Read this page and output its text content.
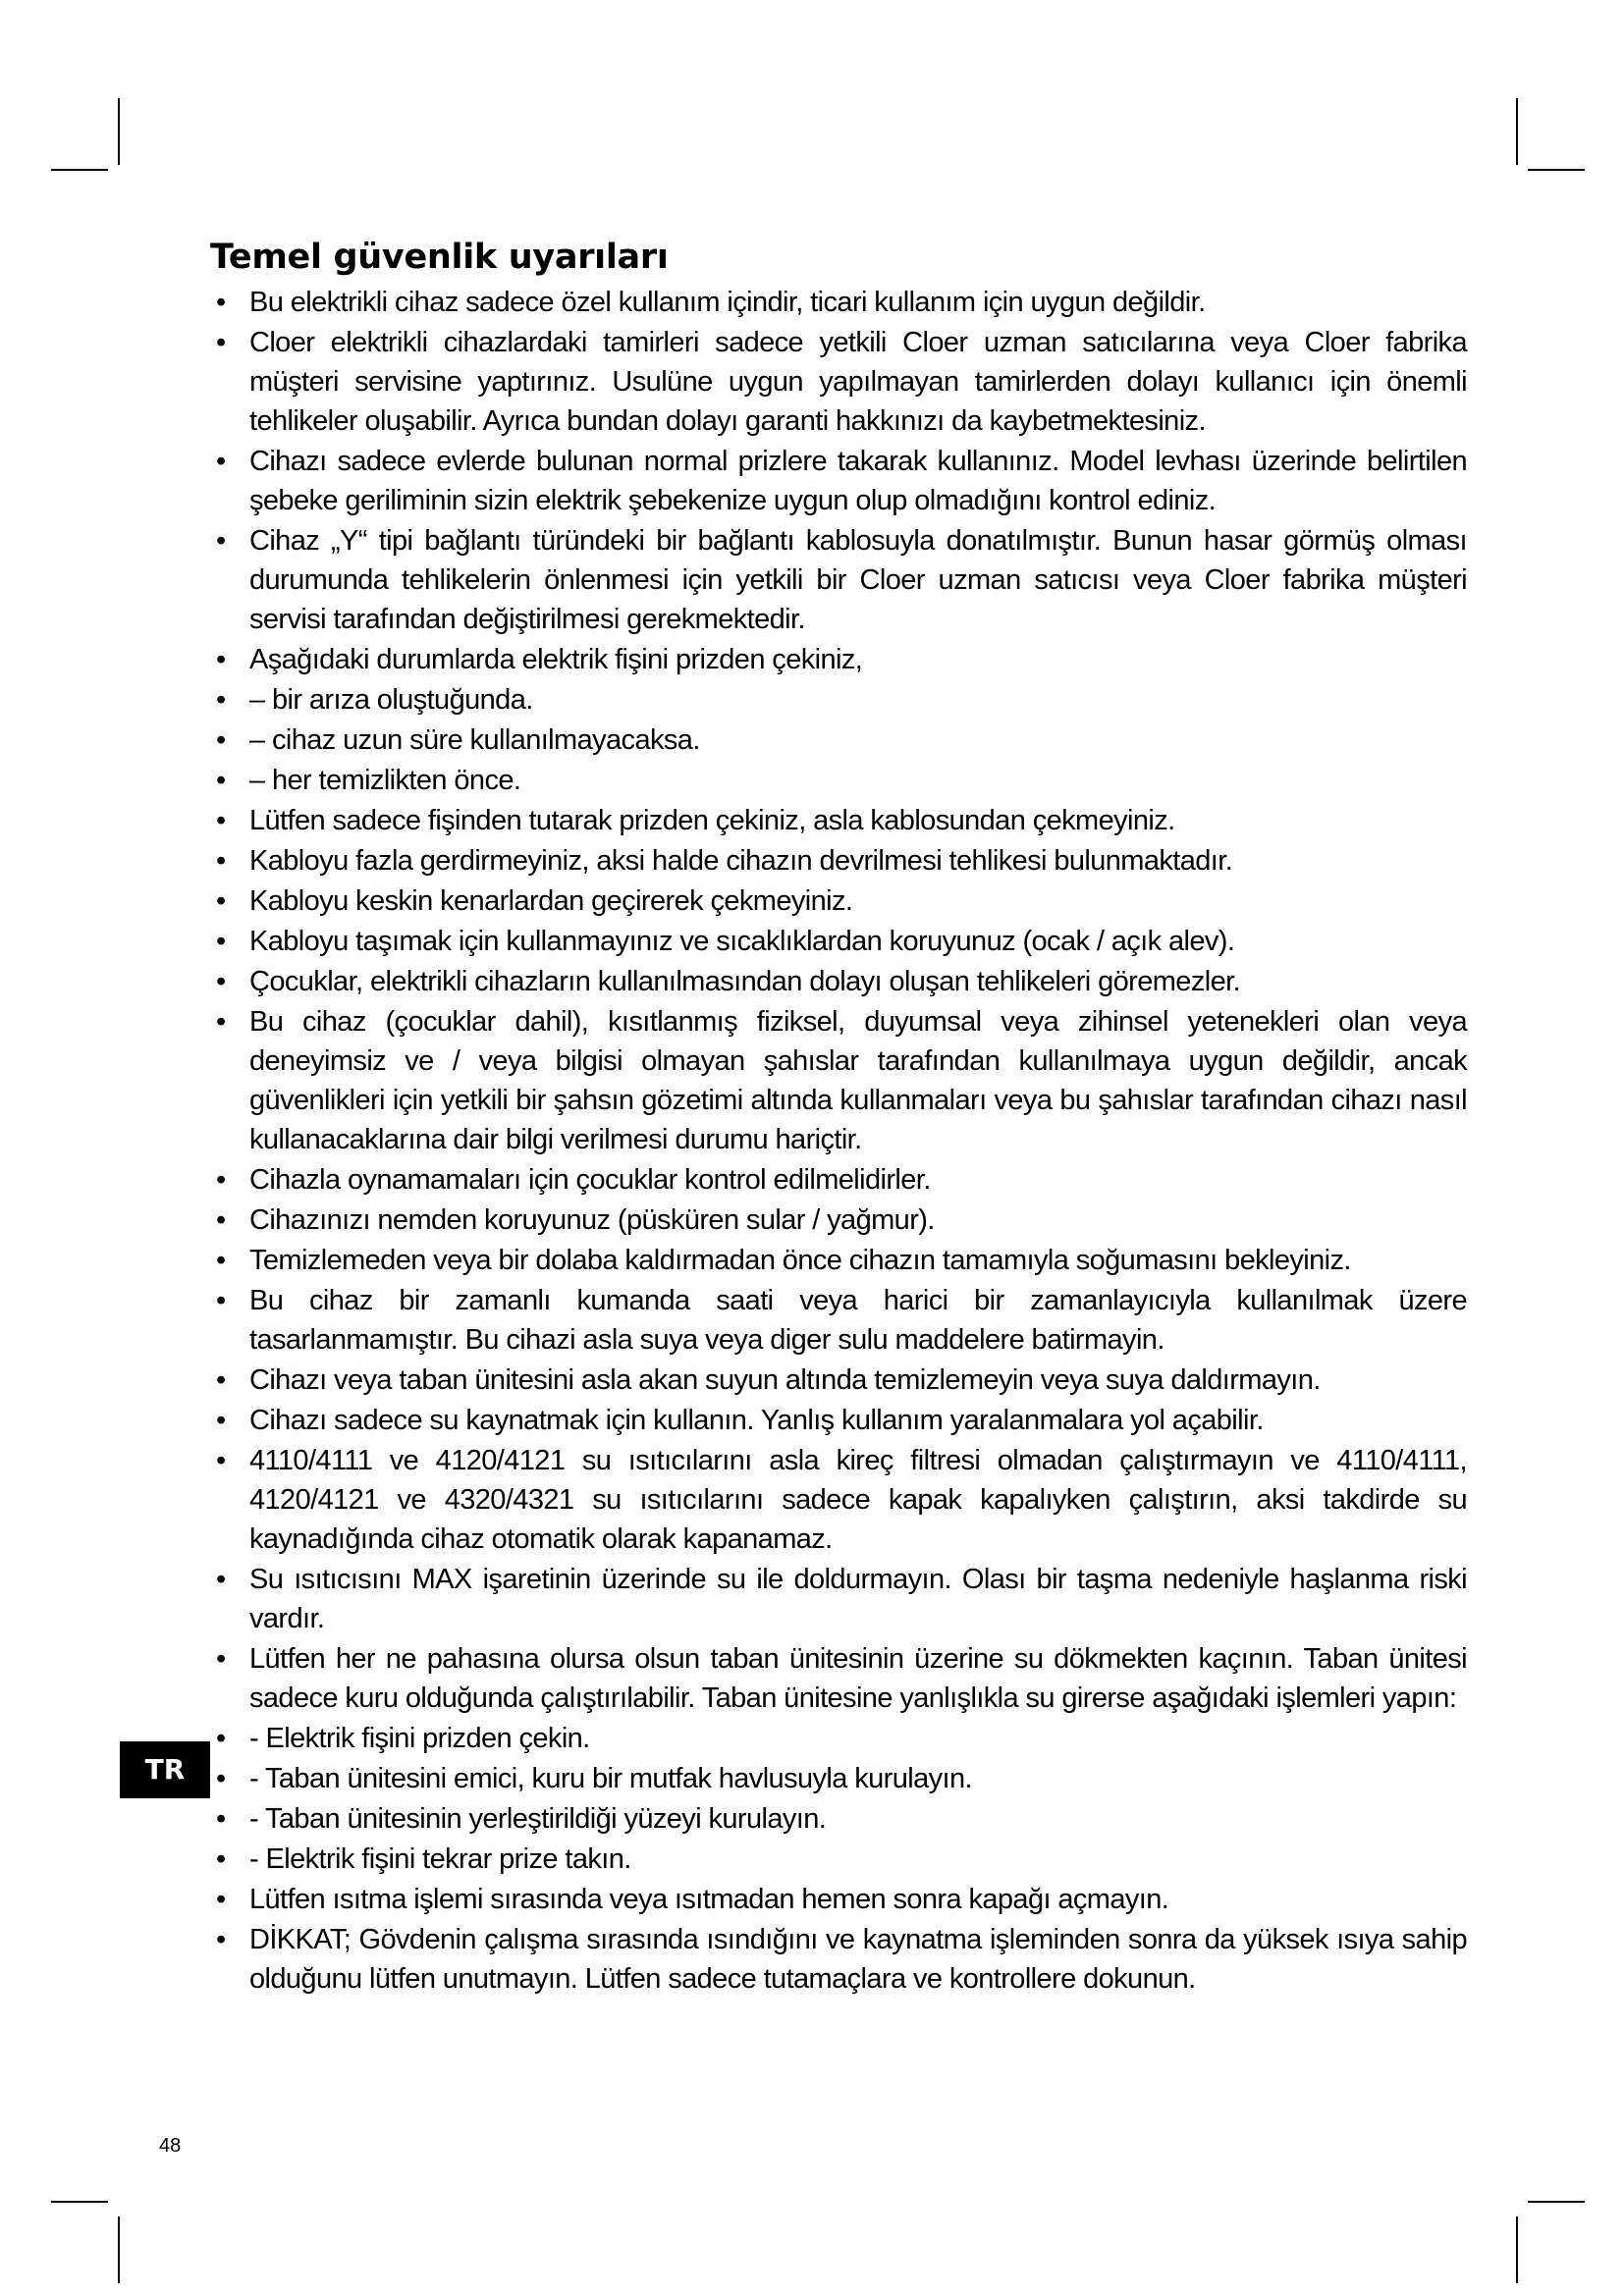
Temel güvenlik uyarıları
• Bu elektrikli cihaz sadece özel kullanım içindir, ticari kullanım için uygun değildir.
• Cloer elektrikli cihazlardaki tamirleri sadece yetkili Cloer uzman satıcılarına veya Cloer fabrika müşteri servisine yaptırınız. Usulüne uygun yapılmayan tamirlerden dolayı kullanıcı için önemli tehlikeler oluşabilir. Ayrıca bundan dolayı garanti hakkınızı da kaybetmektesiniz.
• Cihazı sadece evlerde bulunan normal prizlere takarak kullanınız. Model levhası üzerinde belirtilen şebeke geriliminin sizin elektrik şebekenize uygun olup olmadığını kontrol ediniz.
• Cihaz „Y“ tipi bağlantı türündeki bir bağlantı kablosuyla donatılmıştır. Bunun hasar görmüş olması durumunda tehlikelerin önlenmesi için yetkili bir Cloer uzman satıcısı veya Cloer fabrika müşteri servisi tarafından değiştirilmesi gerekmektedir.
• Aşağıdaki durumlarda elektrik fişini prizden çekiniz,
• – bir arıza oluştuğunda.
• – cihaz uzun süre kullanılmayacaksa.
• – her temizlikten önce.
• Lütfen sadece fişinden tutarak prizden çekiniz, asla kablosundan çekmeyiniz.
• Kabloyu fazla gerdirmeyiniz, aksi halde cihazın devrilmesi tehlikesi bulunmaktadır.
• Kabloyu keskin kenarlardan geçirerek çekmeyiniz.
• Kabloyu taşımak için kullanmayınız ve sıcaklıklardan koruyunuz (ocak / açık alev).
• Çocuklar, elektrikli cihazların kullanılmasından dolayı oluşan tehlikeleri göremezler.
• Bu cihaz (çocuklar dahil), kısıtlanmış fiziksel, duyumsal veya zihinsel yetenekleri olan veya deneyimsiz ve / veya bilgisi olmayan şahıslar tarafından kullanılmaya uygun değildir, ancak güvenlikleri için yetkili bir şahsın gözetimi altında kullanmaları veya bu şahıslar tarafından cihazı nasıl kullanacaklarına dair bilgi verilmesi durumu hariçtir.
• Cihazla oynamamaları için çocuklar kontrol edilmelidirler.
• Cihazınızı nemden koruyunuz (püsküren sular / yağmur).
• Temizlemeden veya bir dolaba kaldırmadan önce cihazın tamamıyla soğumasını bekleyiniz.
• Bu cihaz bir zamanlı kumanda saati veya harici bir zamanlayıcıyla kullanılmak üzere tasarlanmamıştır. Bu cihazi asla suya veya diger sulu maddelere batirmayin.
• Cihazı veya taban ünitesini asla akan suyun altında temizlemeyin veya suya daldırmayın.
• Cihazı sadece su kaynatmak için kullanın. Yanlış kullanım yaralanmalara yol açabilir.
• 4110/4111 ve 4120/4121 su ısıtıcılarını asla kireç filtresi olmadan çalıştırmayın ve 4110/4111, 4120/4121 ve 4320/4321 su ısıtıcılarını sadece kapak kapalıyken çalıştırın, aksi takdirde su kaynadığında cihaz otomatik olarak kapanamaz.
• Su ısıtıcısını MAX işaretinin üzerinde su ile doldurmayın. Olası bir taşma nedeniyle haşlanma riski vardır.
• Lütfen her ne pahasına olursa olsun taban ünitesinin üzerine su dökmekten kaçının. Taban ünitesi sadece kuru olduğunda çalıştırılabilir. Taban ünitesine yanlışlıkla su girerse aşağıdaki işlemleri yapın:
• - Elektrik fişini prizden çekin.
• - Taban ünitesini emici, kuru bir mutfak havlusuyla kurulayın.
• - Taban ünitesinin yerleştirildiği yüzeyi kurulayın.
• - Elektrik fişini tekrar prize takın.
• Lütfen ısıtma işlemi sırasında veya ısıtmadan hemen sonra kapağı açmayın.
• DİKKAT; Gövdenin çalışma sırasında ısındığını ve kaynatma işleminden sonra da yüksek ısıya sahip olduğunu lütfen unutmayın. Lütfen sadece tutamaçlara ve kontrollere dokunun.
TR
48
